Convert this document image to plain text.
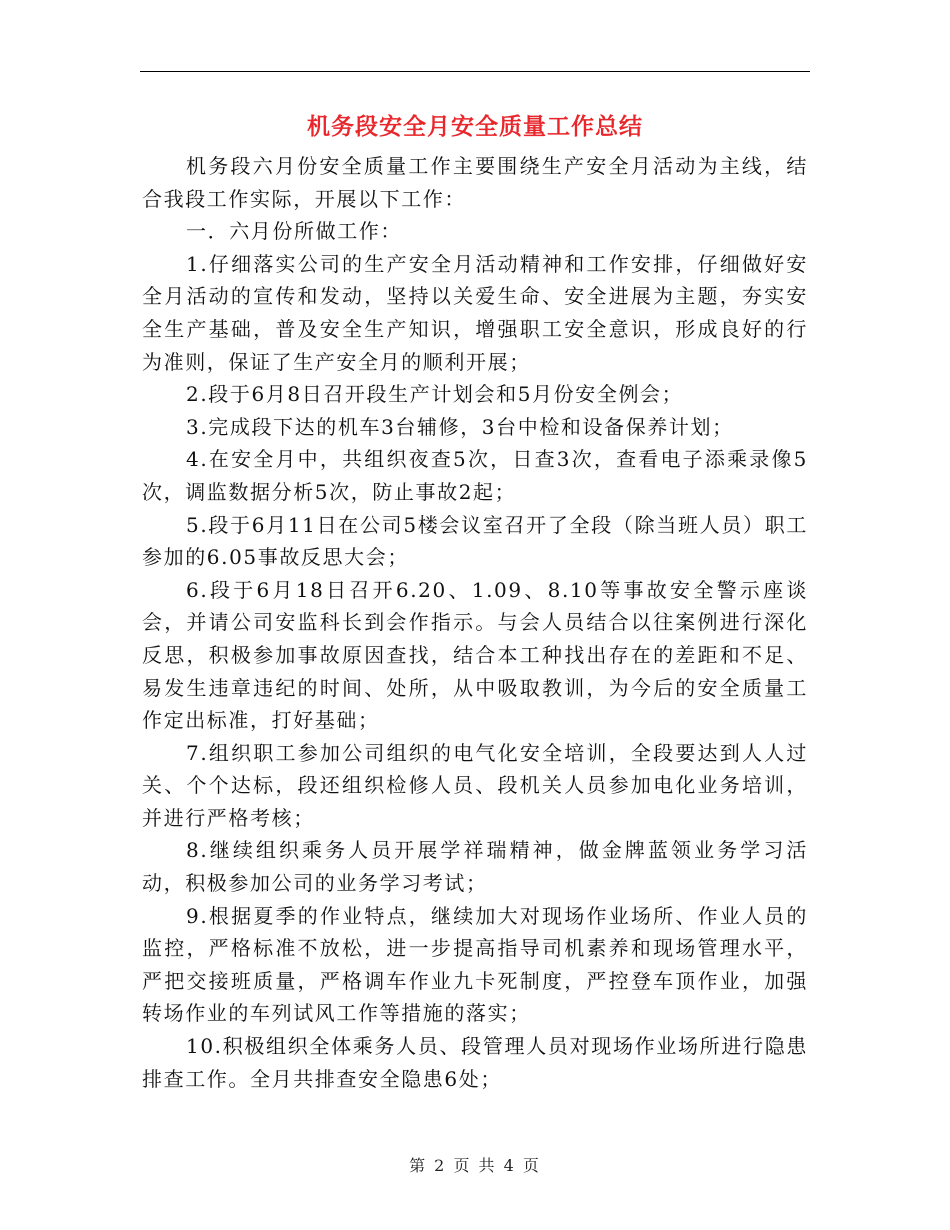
机务段安全月安全质量工作总结

机务段六月份安全质量工作主要围绕生产安全月活动为主线，结合我段工作实际，开展以下工作：

一．六月份所做工作：

1.仔细落实公司的生产安全月活动精神和工作安排，仔细做好安全月活动的宣传和发动，坚持以关爱生命、安全进展为主题，夯实安全生产基础，普及安全生产知识，增强职工安全意识，形成良好的行为准则，保证了生产安全月的顺利开展；

2.段于6月8日召开段生产计划会和5月份安全例会；

3.完成段下达的机车3台辅修，3台中检和设备保养计划；

4.在安全月中，共组织夜查5次，日查3次，查看电子添乘录像5次，调监数据分析5次，防止事故2起；

5.段于6月11日在公司5楼会议室召开了全段（除当班人员）职工参加的6.05事故反思大会；

6.段于6月18日召开6.20、1.09、8.10等事故安全警示座谈会，并请公司安监科长到会作指示。与会人员结合以往案例进行深化反思，积极参加事故原因查找，结合本工种找出存在的差距和不足、易发生违章违纪的时间、处所，从中吸取教训，为今后的安全质量工作定出标准，打好基础；

7.组织职工参加公司组织的电气化安全培训，全段要达到人人过关、个个达标，段还组织检修人员、段机关人员参加电化业务培训，并进行严格考核；

8.继续组织乘务人员开展学祥瑞精神，做金牌蓝领业务学习活动，积极参加公司的业务学习考试；

9.根据夏季的作业特点，继续加大对现场作业场所、作业人员的监控，严格标准不放松，进一步提高指导司机素养和现场管理水平，严把交接班质量，严格调车作业九卡死制度，严控登车顶作业，加强转场作业的车列试风工作等措施的落实；

10.积极组织全体乘务人员、段管理人员对现场作业场所进行隐患排查工作。全月共排查安全隐患6处；

第 2 页 共 4 页
